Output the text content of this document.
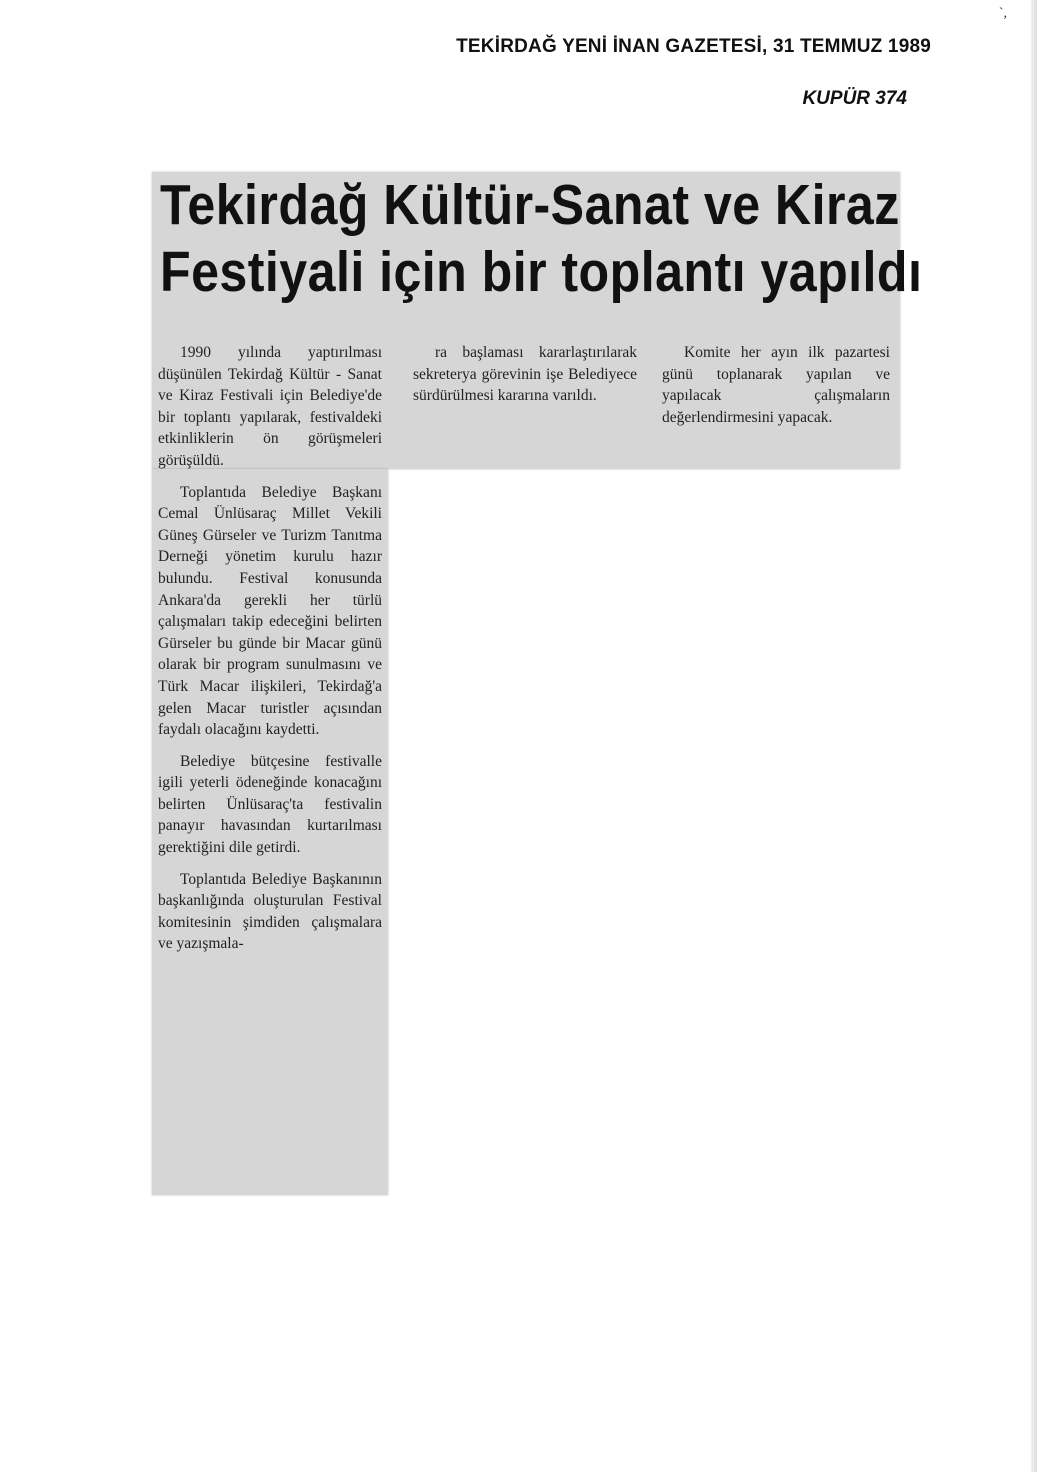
`,
TEKİRDAĞ YENİ İNAN GAZETESİ, 31 TEMMUZ 1989
KUPÜR 374
Tekirdağ Kültür-Sanat ve Kiraz
Festiyali için bir toplantı yapıldı

1990 yılında yaptırılması düşünülen Tekirdağ Kültür - Sanat ve Kiraz Festivali için Belediye'de bir toplantı yapılarak, festivaldeki etkinliklerin ön görüşmeleri görüşüldü.

Toplantıda Belediye Başkanı Cemal Ünlüsaraç Millet Vekili Güneş Gürseler ve Turizm Tanıtma Derneği yönetim kurulu hazır bulundu. Festival konusunda Ankara'da gerekli her türlü çalışmaları takip edeceğini belirten Gürseler bu günde bir Macar günü olarak bir program sunulmasını ve Türk Macar ilişkileri, Tekirdağ'a gelen Macar turistler açısından faydalı olacağını kaydetti.

Belediye bütçesine festivalle igili yeterli ödeneğinde konacağını belirten Ünlüsaraç'ta festivalin panayır havasından kurtarılması gerektiğini dile getirdi.

Toplantıda Belediye Başkanının başkanlığında oluşturulan Festival komitesinin şimdiden çalışmalara ve yazışmala-

ra başlaması kararlaştırılarak sekreterya görevinin işe Belediyece sürdürülmesi kararına varıldı.

Komite her ayın ilk pazartesi günü toplanarak yapılan ve yapılacak çalışmaların değerlendirmesini yapacak.
